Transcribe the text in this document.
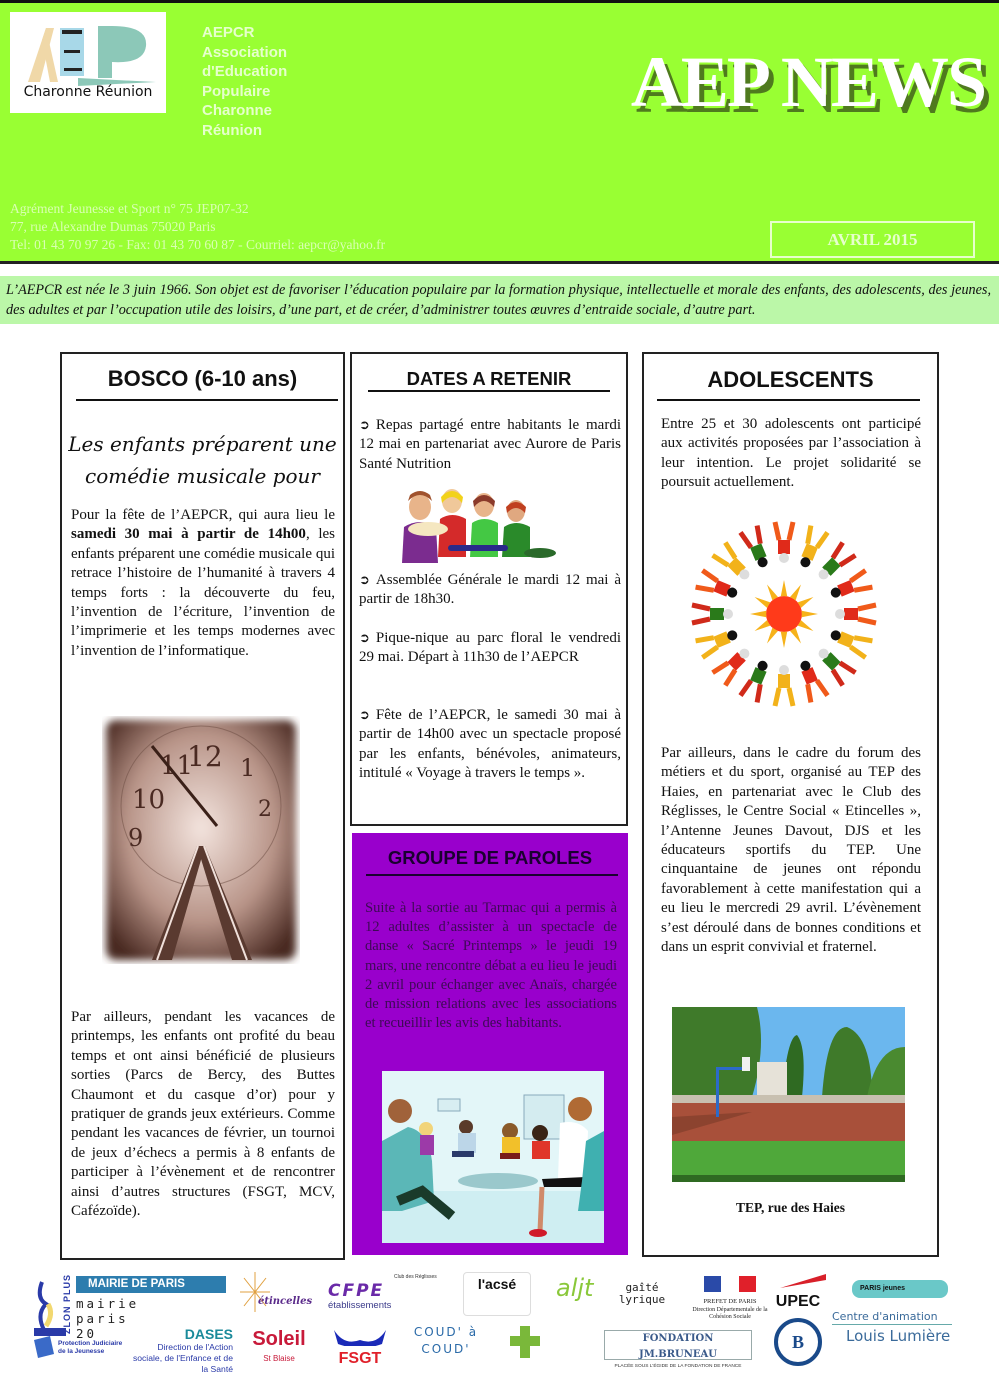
Charonne Réunion
AEPCR
Association
d'Education
Populaire
Charonne
Réunion
AEP NEWS
Agrément Jeunesse et Sport n° 75 JEP07-32
77, rue Alexandre Dumas 75020 Paris
Tel: 01 43 70 97 26 - Fax: 01 43 70 60 87 - Courriel: aepcr@yahoo.fr	AVRIL 2015
L’AEPCR est née le 3 juin 1966. Son objet est de favoriser l’éducation populaire par la formation physique, intellectuelle et morale des enfants, des adolescents, des jeunes, des adultes et par l’occupation utile des loisirs, d’une part, et de créer, d’administrer toutes œuvres d’entraide sociale, d’autre part.
BOSCO (6-10 ans)
Les enfants préparent une
comédie musicale pour
Pour la fête de l’AEPCR, qui aura lieu le samedi 30 mai à partir de 14h00, les enfants préparent une comédie musicale qui retrace l’histoire de l’humanité à travers 4 temps forts : la découverte du feu, l’invention de l’écriture, l’invention de l’imprimerie et les temps modernes avec l’invention de l’informatique.
12
11
10
9
1
2
Par ailleurs, pendant les vacances de printemps, les enfants ont profité du beau temps et ont ainsi bénéficié de plusieurs sorties (Parcs de Bercy, des Buttes Chaumont et du casque d’or) pour y pratiquer de grands jeux extérieurs. Comme pendant les vacances de février, un tournoi de jeux d’échecs a permis à 8 enfants de participer à l’évènement et de rencontrer ainsi d’autres structures (FSGT, MCV, Cafézoïde).
DATES A RETENIR
➲ Repas partagé entre habitants le mardi 12 mai en partenariat avec Aurore de Paris Santé Nutrition
➲ Assemblée Générale le mardi 12 mai à partir de 18h30.
➲ Pique-nique au parc floral le vendredi 29 mai. Départ à 11h30 de l’AEPCR
➲ Fête de l’AEPCR, le samedi 30 mai à partir de 14h00 avec un spectacle proposé par les enfants, bénévoles, animateurs, intitulé « Voyage à travers le temps ».
GROUPE DE PAROLES
Suite à la sortie au Tarmac qui a permis à 12 adultes d’assister à un spectacle de danse « Sacré Printemps » le jeudi 19 mars, une rencontre débat a eu lieu le jeudi 2 avril pour échanger avec Anaïs, chargée de mission relations avec les associations et recueillir les avis des habitants.
ADOLESCENTS
Entre 25 et 30 adolescents ont participé aux activités proposées par l’association à leur intention. Le projet solidarité se poursuit actuellement.
Par ailleurs, dans le cadre du forum des métiers et du sport, organisé au TEP des Haies, en partenariat avec le Club des Réglisses, le Centre Social « Etincelles », l’Antenne Jeunes Davout, DJS et les éducateurs sportifs du TEP. Une cinquantaine de jeunes ont répondu favorablement à cette manifestation qui a eu lieu le mercredi 29 avril. L’évènement s’est déroulé dans de bonnes conditions et dans un esprit convivial et fraternel.
TEP, rue des Haies
ZLON PLUS	MAIRIE DE PARIS
mairie paris 20
Protection Judiciaire de la Jeunesse
DASES
Direction de l'Action sociale, de l'Enfance et de la Santé
étincelles
Soleil
St Blaise
CFPE
établissements
Club des Réglisses
FSGT
l'acsé
COUD' à COUD'
aljt	gaîté lyrique	PREFET DE PARIS
Direction Départementale de la Cohésion Sociale
FONDATION JM.BRUNEAU
PLACÉE SOUS L'ÉGIDE DE LA FONDATION DE FRANCE
UPEC
B
PARIS jeunes
Centre d'animation
Louis Lumière
